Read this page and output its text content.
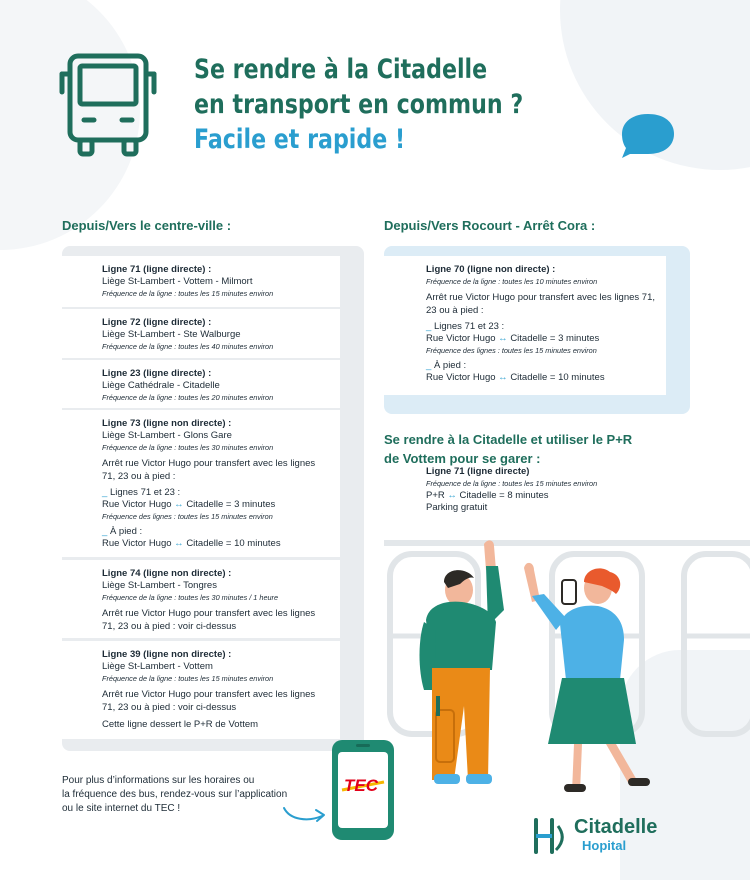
Se rendre à la Citadelle
en transport en commun ?
Facile et rapide !
Depuis/Vers le centre-ville :
Ligne 71 (ligne directe) :
Liège St-Lambert - Vottem - Milmort
Fréquence de la ligne : toutes les 15 minutes environ
Ligne 72 (ligne directe) :
Liège St-Lambert - Ste Walburge
Fréquence de la ligne : toutes les 40 minutes environ
Ligne 23 (ligne directe) :
Liège Cathédrale - Citadelle
Fréquence de la ligne : toutes les 20 minutes environ
Ligne 73 (ligne non directe) :
Liège St-Lambert - Glons Gare
Fréquence de la ligne : toutes les 30 minutes environ
Arrêt rue Victor Hugo pour transfert avec les lignes 71, 23 ou à pied :
_ Lignes 71 et 23 :
Rue Victor Hugo ↔ Citadelle = 3 minutes
Fréquence des lignes : toutes les 15 minutes environ
_ À pied :
Rue Victor Hugo ↔ Citadelle = 10 minutes
Ligne 74 (ligne non directe) :
Liège St-Lambert - Tongres
Fréquence de la ligne : toutes les 30 minutes / 1 heure
Arrêt rue Victor Hugo pour transfert avec les lignes 71, 23 ou à pied : voir ci-dessus
Ligne 39 (ligne non directe) :
Liège St-Lambert - Vottem
Fréquence de la ligne : toutes les 15 minutes environ
Arrêt rue Victor Hugo pour transfert avec les lignes 71, 23 ou à pied : voir ci-dessus
Cette ligne dessert le P+R de Vottem
Depuis/Vers Rocourt - Arrêt Cora :
Ligne 70 (ligne non directe) :
Fréquence de la ligne : toutes les 10 minutes environ
Arrêt rue Victor Hugo pour transfert avec les lignes 71, 23 ou à pied :
_ Lignes 71 et 23 :
Rue Victor Hugo ↔ Citadelle = 3 minutes
Fréquence des lignes : toutes les 15 minutes environ
_ À pied :
Rue Victor Hugo ↔ Citadelle = 10 minutes
Se rendre à la Citadelle et utiliser le P+R
de Vottem pour se garer :
Ligne 71 (ligne directe)
Fréquence de la ligne : toutes les 15 minutes environ
P+R ↔ Citadelle = 8 minutes
Parking gratuit
Pour plus d’informations sur les horaires ou
la fréquence des bus, rendez-vous sur l’application
ou le site internet du TEC !
TEC
Citadelle
Hopital
